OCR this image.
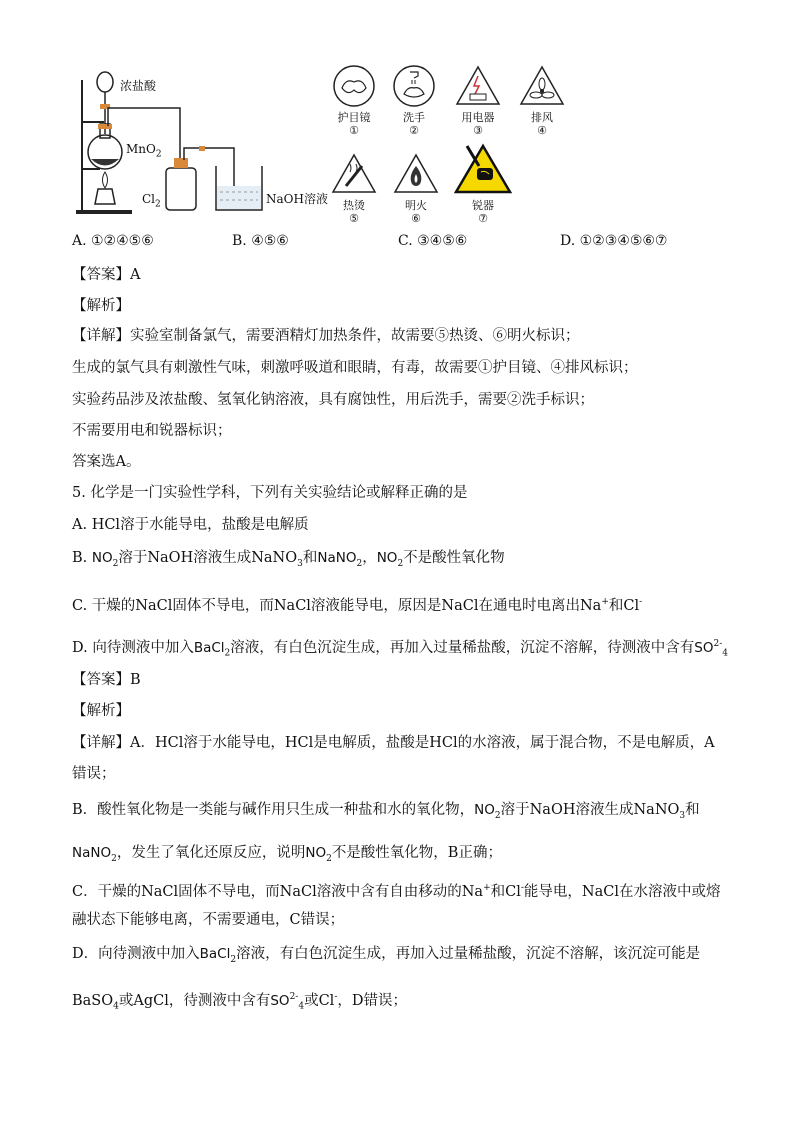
浓盐酸
MnO$_2$
$Cl_2$	NaOH溶液
护目镜
①
洗手
②
用电器
③
排风
④
热烫
⑤
明火
⑥
锐器
⑦
A. ①②④⑤⑥	B. ④⑤⑥	C. ③④⑤⑥	D. ①②③④⑤⑥⑦
【答案】A
【解析】
【详解】实验室制备氯气，需要酒精灯加热条件，故需要⑤热烫、⑥明火标识；
生成的氯气具有刺激性气味，刺激呼吸道和眼睛，有毒，故需要①护目镜、④排风标识；
实验药品涉及浓盐酸、氢氧化钠溶液，具有腐蚀性，用后洗手，需要②洗手标识；
不需要用电和锐器标识；
答案选A。
5. 化学是一门实验性学科，下列有关实验结论或解释正确的是
A. HCl溶于水能导电，盐酸是电解质
B. $NO_2$溶于NaOH溶液生成NaNO$_3$和NaNO$_2$，$NO_2$不是酸性氧化物
C. 干燥的NaCl固体不导电，而NaCl溶液能导电，原因是NaCl在通电时电离出Na+和Cl-
D. 向待测液中加入BaCl$_2$溶液，有白色沉淀生成，再加入过量稀盐酸，沉淀不溶解，待测液中含有$SO^{2-}_4$
【答案】B
【解析】
【详解】A．HCl溶于水能导电，HCl是电解质，盐酸是HCl的水溶液，属于混合物，不是电解质，A
错误；
B．酸性氧化物是一类能与碱作用只生成一种盐和水的氧化物，$NO_2$溶于NaOH溶液生成NaNO$_3$和
NaNO$_2$，发生了氧化还原反应，说明$NO_2$不是酸性氧化物，B正确；
C．干燥的NaCl固体不导电，而NaCl溶液中含有自由移动的Na+和Cl-能导电，NaCl在水溶液中或熔
融状态下能够电离，不需要通电，C错误；
D．向待测液中加入BaCl$_2$溶液，有白色沉淀生成，再加入过量稀盐酸，沉淀不溶解，该沉淀可能是
BaSO$_4$或AgCl，待测液中含有$SO^{2-}_4$或Cl-，D错误；
